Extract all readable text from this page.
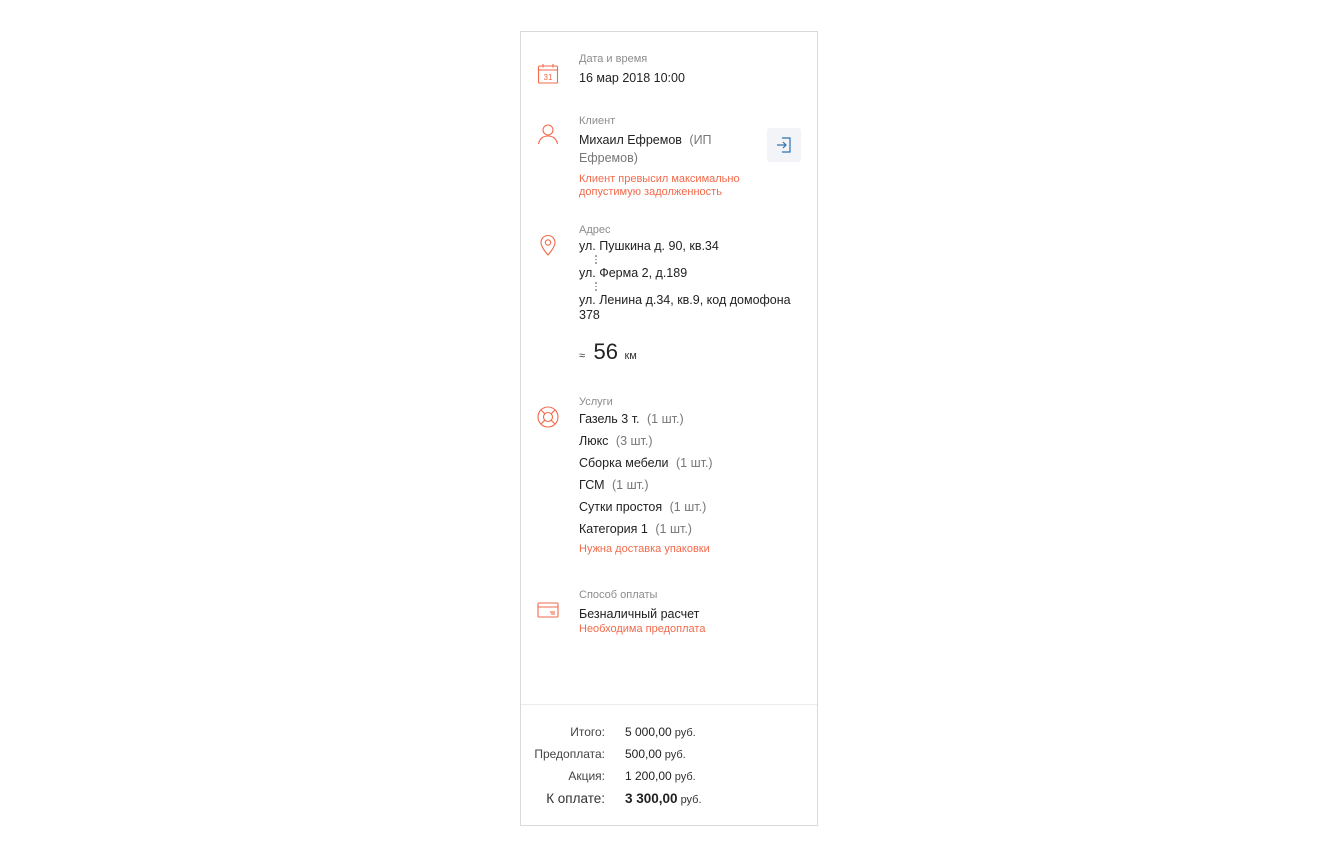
31
Дата и время
16 мар 2018 10:00
Клиент
Михаил Ефремов (ИП
Ефремов)
Клиент превысил максимально
допустимую задолженность
Адрес
ул. Пушкина д. 90, кв.34
ул. Ферма 2, д.189
ул. Ленина д.34, кв.9, код домофона
378
≈ 56 км
Услуги
Газель 3 т. (1 шт.)
Люкс (3 шт.)
Сборка мебели (1 шт.)
ГСМ (1 шт.)
Сутки простоя (1 шт.)
Категория 1 (1 шт.)
Нужна доставка упаковки
Способ оплаты
Безналичный расчет
Необходима предоплата
Итого: 5 000,00 руб.
Предоплата: 500,00 руб.
Акция: 1 200,00 руб.
К оплате: 3 300,00 руб.
